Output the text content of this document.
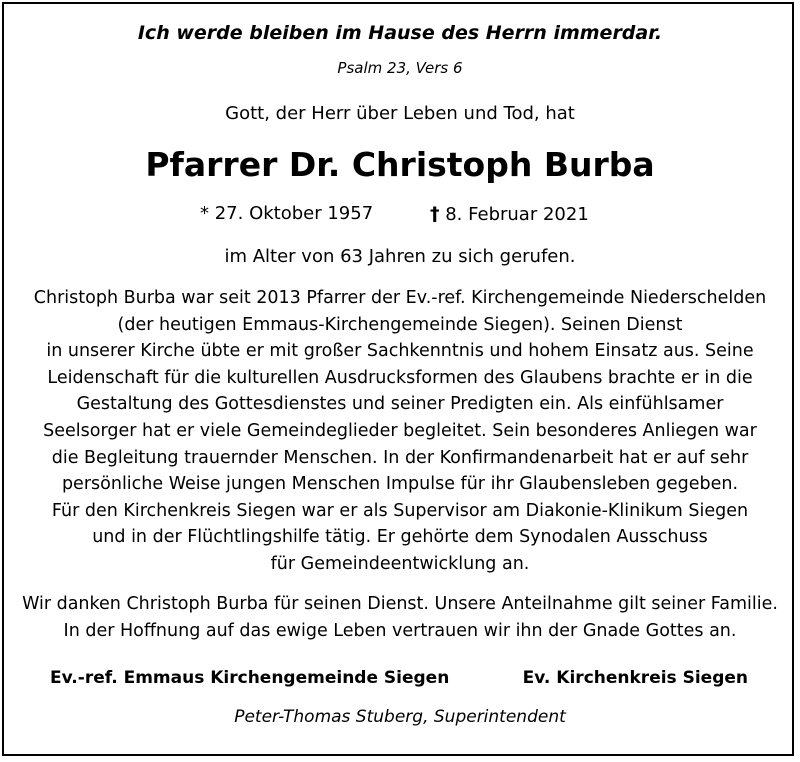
Ich werde bleiben im Hause des Herrn immerdar.
Psalm 23, Vers 6
Gott, der Herr über Leben und Tod, hat
Pfarrer Dr. Christoph Burba
* 27. Oktober 1957	† 8. Februar 2021
im Alter von 63 Jahren zu sich gerufen.
Christoph Burba war seit 2013 Pfarrer der Ev.-ref. Kirchengemeinde Niederschelden
(der heutigen Emmaus-Kirchengemeinde Siegen). Seinen Dienst
in unserer Kirche übte er mit großer Sachkenntnis und hohem Einsatz aus. Seine
Leidenschaft für die kulturellen Ausdrucksformen des Glaubens brachte er in die
Gestaltung des Gottesdienstes und seiner Predigten ein. Als einfühlsamer
Seelsorger hat er viele Gemeindeglieder begleitet. Sein besonderes Anliegen war
die Begleitung trauernder Menschen. In der Konfirmandenarbeit hat er auf sehr
persönliche Weise jungen Menschen Impulse für ihr Glaubensleben gegeben.
Für den Kirchenkreis Siegen war er als Supervisor am Diakonie-Klinikum Siegen
und in der Flüchtlingshilfe tätig. Er gehörte dem Synodalen Ausschuss
für Gemeindeentwicklung an.
Wir danken Christoph Burba für seinen Dienst. Unsere Anteilnahme gilt seiner Familie.
In der Hoffnung auf das ewige Leben vertrauen wir ihn der Gnade Gottes an.
Ev.-ref. Emmaus Kirchengemeinde Siegen	Ev. Kirchenkreis Siegen
Peter-Thomas Stuberg, Superintendent
